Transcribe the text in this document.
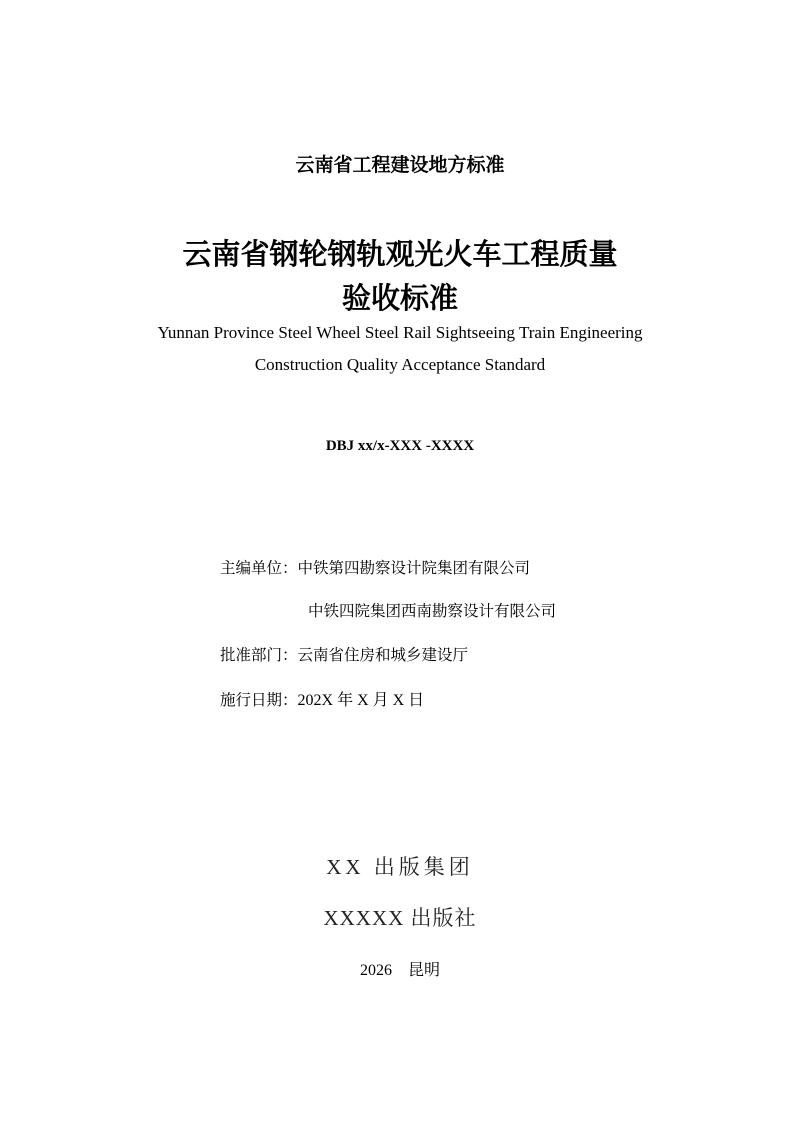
云南省工程建设地方标准
云南省钢轮钢轨观光火车工程质量
验收标准
Yunnan Province Steel Wheel Steel Rail Sightseeing Train Engineering
Construction Quality Acceptance Standard
DBJ xx/x-XXX -XXXX
主编单位：中铁第四勘察设计院集团有限公司
中铁四院集团西南勘察设计有限公司
批准部门：云南省住房和城乡建设厅
施行日期：202X 年 X 月 X 日
XX 出版集团
XXXXX 出版社
2026 昆明
